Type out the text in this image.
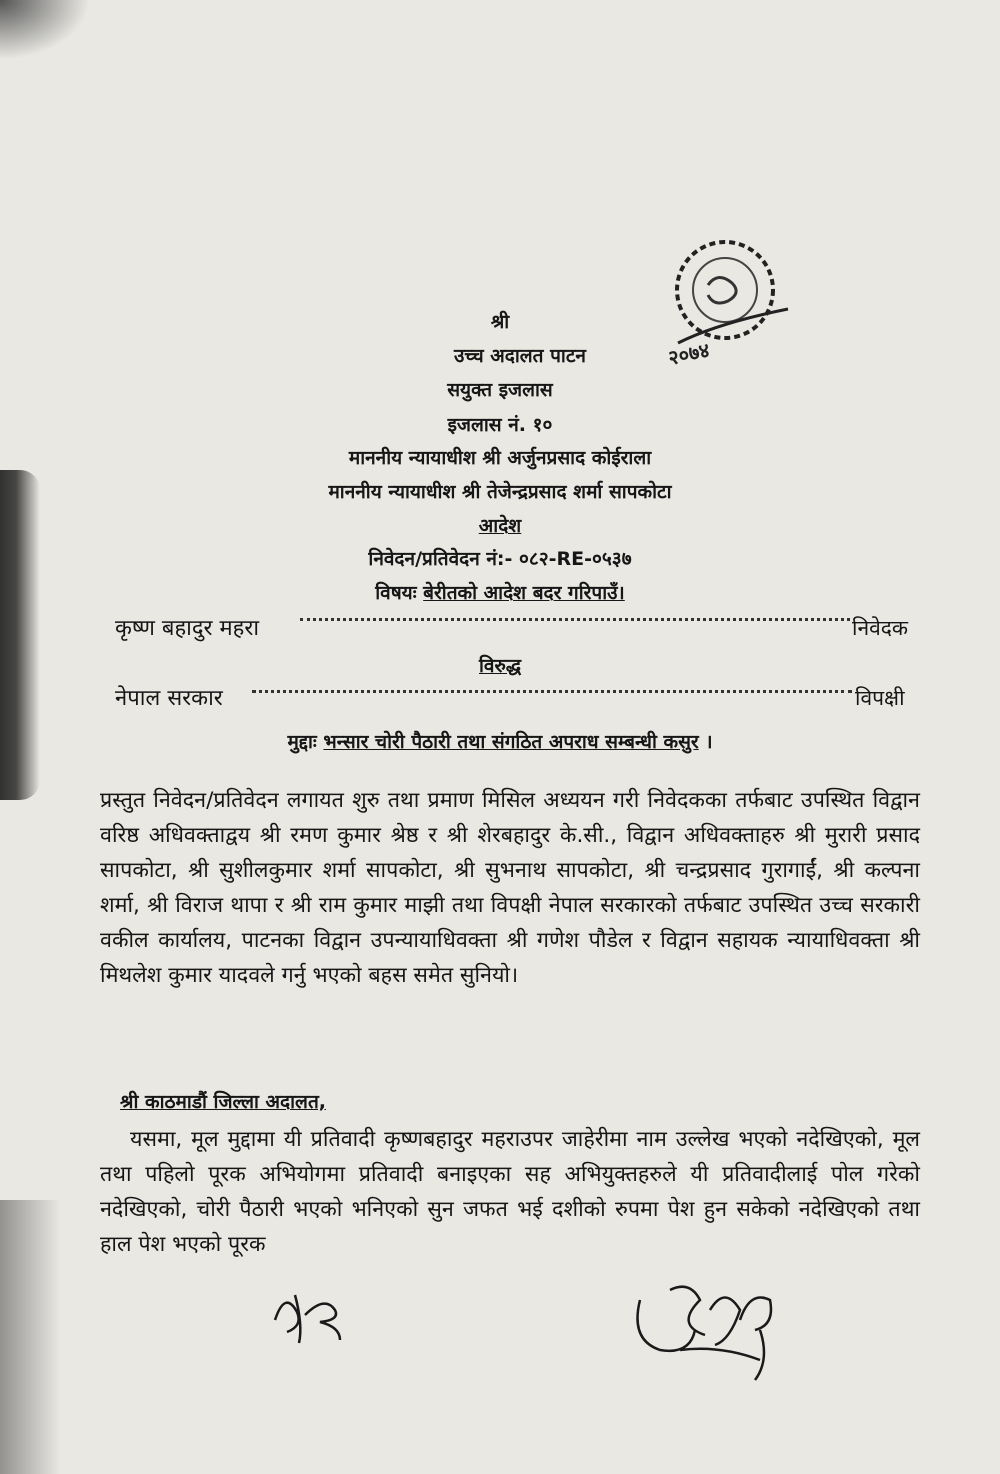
२०७४
श्री
उच्च अदालत पाटन
सयुक्त इजलास
इजलास नं. १०
माननीय न्यायाधीश श्री अर्जुनप्रसाद कोईराला
माननीय न्यायाधीश श्री तेजेन्द्रप्रसाद शर्मा सापकोटा
आदेश
निवेदन/प्रतिवेदन नं:- ०८२-RE-०५३७
विषयः बेरीतको आदेश बदर गरिपाउँ।
कृष्ण बहादुर महरा	निवेदक
विरुद्ध
नेपाल सरकार	विपक्षी
मुद्दाः भन्सार चोरी पैठारी तथा संगठित अपराध सम्बन्धी कसुर ।
प्रस्तुत निवेदन/प्रतिवेदन लगायत शुरु तथा प्रमाण मिसिल अध्ययन गरी निवेदकका तर्फबाट उपस्थित विद्वान वरिष्ठ अधिवक्ताद्वय श्री रमण कुमार श्रेष्ठ र श्री शेरबहादुर के.सी., विद्वान अधिवक्ताहरु श्री मुरारी प्रसाद सापकोटा, श्री सुशीलकुमार शर्मा सापकोटा, श्री सुभनाथ सापकोटा, श्री चन्द्रप्रसाद गुरागाईं, श्री कल्पना शर्मा, श्री विराज थापा र श्री राम कुमार माझी तथा विपक्षी नेपाल सरकारको तर्फबाट उपस्थित उच्च सरकारी वकील कार्यालय, पाटनका विद्वान उपन्यायाधिवक्ता श्री गणेश पौडेल र विद्वान सहायक न्यायाधिवक्ता श्री मिथलेश कुमार यादवले गर्नु भएको बहस समेत सुनियो।
श्री काठमाडौं जिल्ला अदालत,
यसमा, मूल मुद्दामा यी प्रतिवादी कृष्णबहादुर महराउपर जाहेरीमा नाम उल्लेख भएको नदेखिएको, मूल तथा पहिलो पूरक अभियोगमा प्रतिवादी बनाइएका सह अभियुक्तहरुले यी प्रतिवादीलाई पोल गरेको नदेखिएको, चोरी पैठारी भएको भनिएको सुन जफत भई दशीको रुपमा पेश हुन सकेको नदेखिएको तथा हाल पेश भएको पूरक
